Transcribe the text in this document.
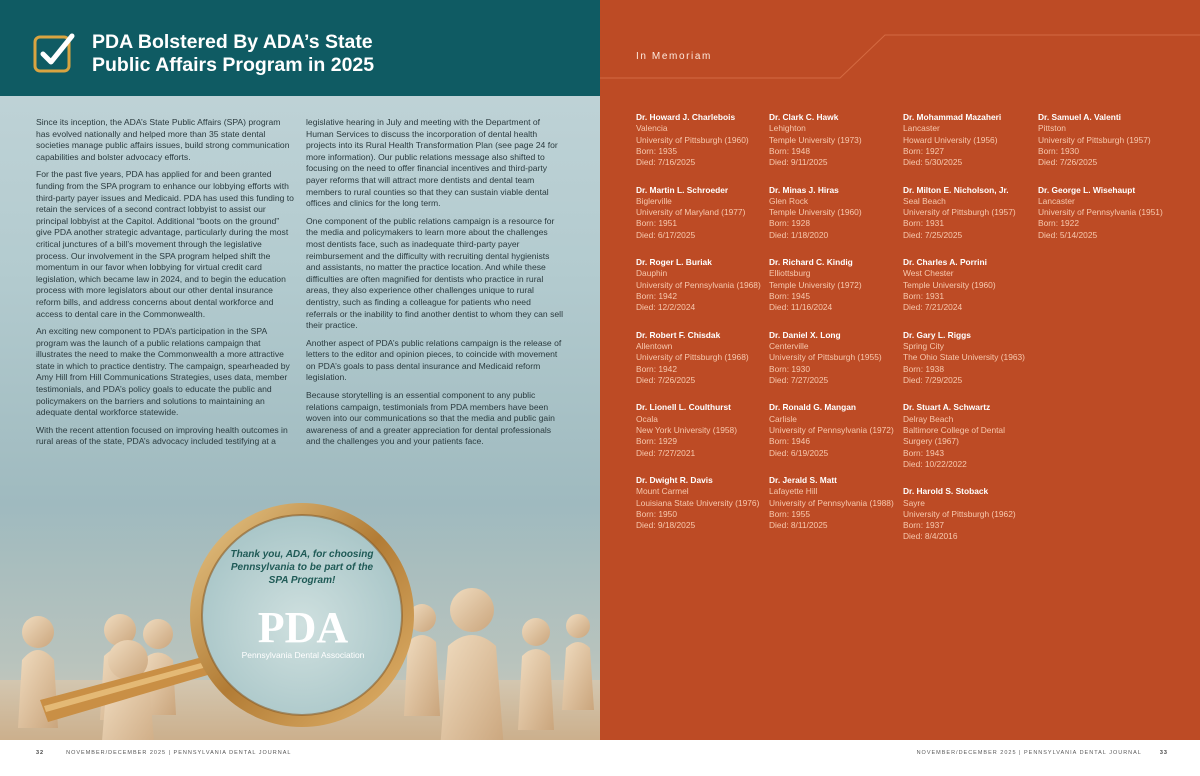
PDA Bolstered By ADA’s State
Public Affairs Program in 2025

Since its inception, the ADA’s State Public Affairs (SPA) program has evolved nationally and helped more than 35 state dental societies manage public affairs issues, build strong communication capabilities and bolster advocacy efforts.

For the past five years, PDA has applied for and been granted funding from the SPA program to enhance our lobbying efforts with third-party payer issues and Medicaid. PDA has used this funding to retain the services of a second contract lobbyist to assist our principal lobbyist at the Capitol. Additional “boots on the ground” give PDA another strategic advantage, particularly during the most critical junctures of a bill’s movement through the legislative process. Our involvement in the SPA program helped shift the momentum in our favor when lobbying for virtual credit card legislation, which became law in 2024, and to begin the education process with more legislators about our other dental insurance reform bills, and address concerns about dental workforce and access to dental care in the Commonwealth.

An exciting new component to PDA’s participation in the SPA program was the launch of a public relations campaign that illustrates the need to make the Commonwealth a more attractive state in which to practice dentistry. The campaign, spearheaded by Amy Hill from Hill Communications Strategies, uses data, member testimonials, and PDA’s policy goals to educate the public and policymakers on the barriers and solutions to maintaining an adequate dental workforce statewide.

With the recent attention focused on improving health outcomes in rural areas of the state, PDA’s advocacy included testifying at a

legislative hearing in July and meeting with the Department of Human Services to discuss the incorporation of dental health projects into its Rural Health Transformation Plan (see page 24 for more information). Our public relations message also shifted to focusing on the need to offer financial incentives and third-party payer reforms that will attract more dentists and dental team members to rural counties so that they can sustain viable dental offices and clinics for the long term.

One component of the public relations campaign is a resource for the media and policymakers to learn more about the challenges most dentists face, such as inadequate third-party payer reimbursement and the difficulty with recruiting dental hygienists and assistants, no matter the practice location. And while these difficulties are often magnified for dentists who practice in rural areas, they also experience other challenges unique to rural dentistry, such as finding a colleague for patients who need referrals or the inability to find another dentist to whom they can sell their practice.

Another aspect of PDA’s public relations campaign is the release of letters to the editor and opinion pieces, to coincide with movement on PDA’s goals to pass dental insurance and Medicaid reform legislation.

Because storytelling is an essential component to any public relations campaign, testimonials from PDA members have been woven into our communications so that the media and public gain awareness of and a greater appreciation for dental professionals and the challenges you and your patients face.

Thank you, ADA, for choosing Pennsylvania to be part of the SPA Program!

PDA
Pennsylvania Dental Association
32	NOVEMBER/DECEMBER 2025 | PENNSYLVANIA DENTAL JOURNAL

In Memoriam

Dr. Howard J. Charlebois
Valencia
University of Pittsburgh (1960)
Born: 1935
Died: 7/16/2025
Dr. Martin L. Schroeder
Biglerville
University of Maryland (1977)
Born: 1951
Died: 6/17/2025
Dr. Roger L. Buriak
Dauphin
University of Pennsylvania (1968)
Born: 1942
Died: 12/2/2024
Dr. Robert F. Chisdak
Allentown
University of Pittsburgh (1968)
Born: 1942
Died: 7/26/2025
Dr. Lionell L. Coulthurst
Ocala
New York University (1958)
Born: 1929
Died: 7/27/2021
Dr. Dwight R. Davis
Mount Carmel
Louisiana State University (1976)
Born: 1950
Died: 9/18/2025
Dr. Clark C. Hawk
Lehighton
Temple University (1973)
Born: 1948
Died: 9/11/2025
Dr. Minas J. Hiras
Glen Rock
Temple University (1960)
Born: 1928
Died: 1/18/2020
Dr. Richard C. Kindig
Elliottsburg
Temple University (1972)
Born: 1945
Died: 11/16/2024
Dr. Daniel X. Long
Centerville
University of Pittsburgh (1955)
Born: 1930
Died: 7/27/2025
Dr. Ronald G. Mangan
Carlisle
University of Pennsylvania (1972)
Born: 1946
Died: 6/19/2025
Dr. Jerald S. Matt
Lafayette Hill
University of Pennsylvania (1988)
Born: 1955
Died: 8/11/2025
Dr. Mohammad Mazaheri
Lancaster
Howard University (1956)
Born: 1927
Died: 5/30/2025
Dr. Milton E. Nicholson, Jr.
Seal Beach
University of Pittsburgh (1957)
Born: 1931
Died: 7/25/2025
Dr. Charles A. Porrini
West Chester
Temple University (1960)
Born: 1931
Died: 7/21/2024
Dr. Gary L. Riggs
Spring City
The Ohio State University (1963)
Born: 1938
Died: 7/29/2025
Dr. Stuart A. Schwartz
Delray Beach
Baltimore College of Dental Surgery (1967)
Born: 1943
Died: 10/22/2022
Dr. Harold S. Stoback
Sayre
University of Pittsburgh (1962)
Born: 1937
Died: 8/4/2016
Dr. Samuel A. Valenti
Pittston
University of Pittsburgh (1957)
Born: 1930
Died: 7/26/2025
Dr. George L. Wisehaupt
Lancaster
University of Pennsylvania (1951)
Born: 1922
Died: 5/14/2025
NOVEMBER/DECEMBER 2025 | PENNSYLVANIA DENTAL JOURNAL	33
